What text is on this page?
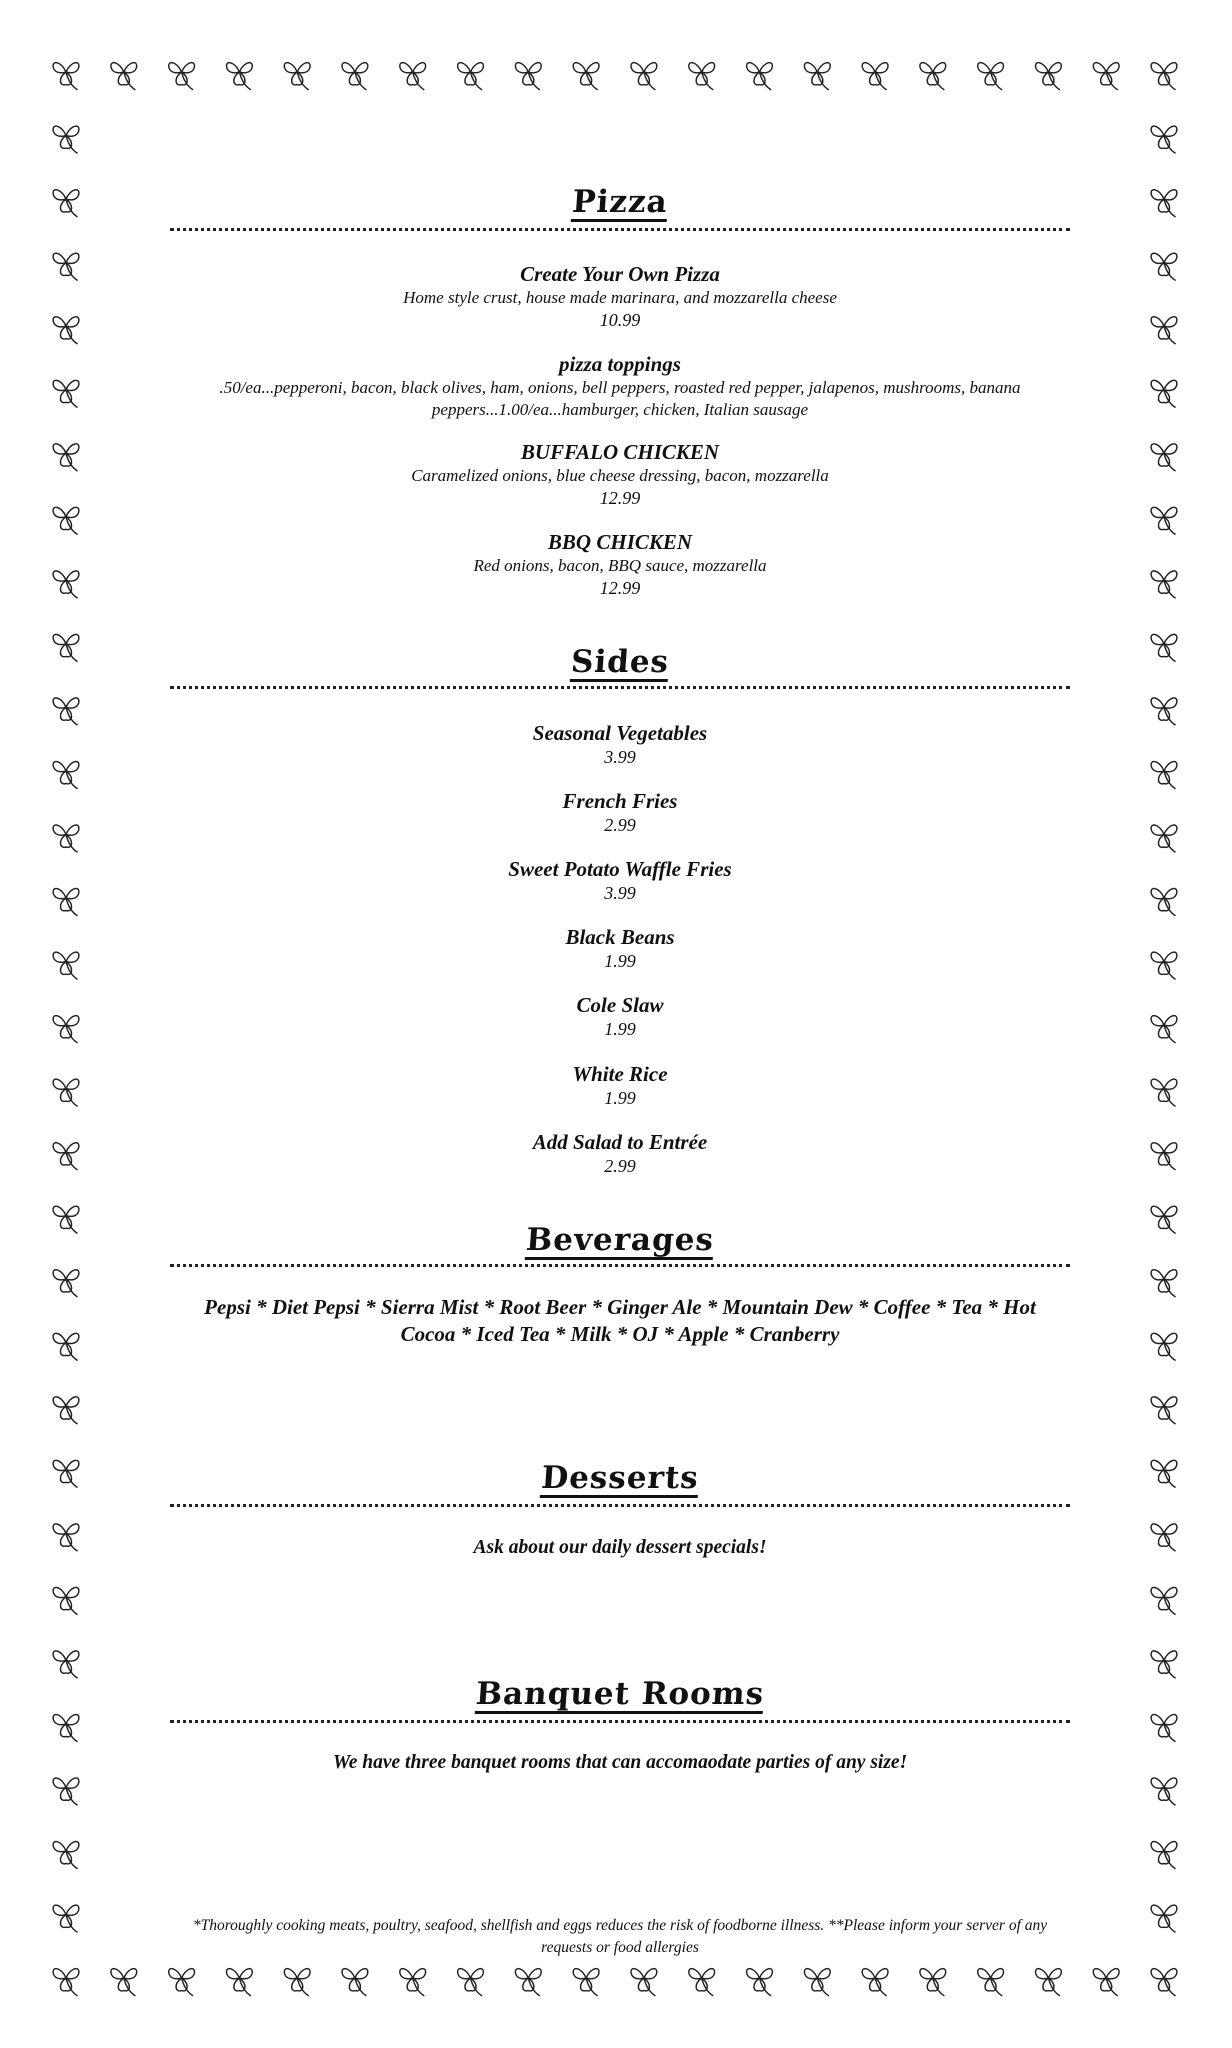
Pizza
Create Your Own Pizza
Home style crust, house made marinara, and mozzarella cheese
10.99
pizza toppings
.50/ea...pepperoni, bacon, black olives, ham, onions, bell peppers, roasted red pepper, jalapenos, mushrooms, banana peppers...1.00/ea...hamburger, chicken, Italian sausage
BUFFALO CHICKEN
Caramelized onions, blue cheese dressing, bacon, mozzarella
12.99
BBQ CHICKEN
Red onions, bacon, BBQ sauce, mozzarella
12.99
Sides
Seasonal Vegetables
3.99
French Fries
2.99
Sweet Potato Waffle Fries
3.99
Black Beans
1.99
Cole Slaw
1.99
White Rice
1.99
Add Salad to Entrée
2.99
Beverages
Pepsi * Diet Pepsi * Sierra Mist * Root Beer * Ginger Ale * Mountain Dew * Coffee * Tea * Hot Cocoa * Iced Tea * Milk * OJ * Apple * Cranberry
Desserts
Ask about our daily dessert specials!
Banquet Rooms
We have three banquet rooms that can accomaodate parties of any size!
*Thoroughly cooking meats, poultry, seafood, shellfish and eggs reduces the risk of foodborne illness. **Please inform your server of any requests or food allergies
